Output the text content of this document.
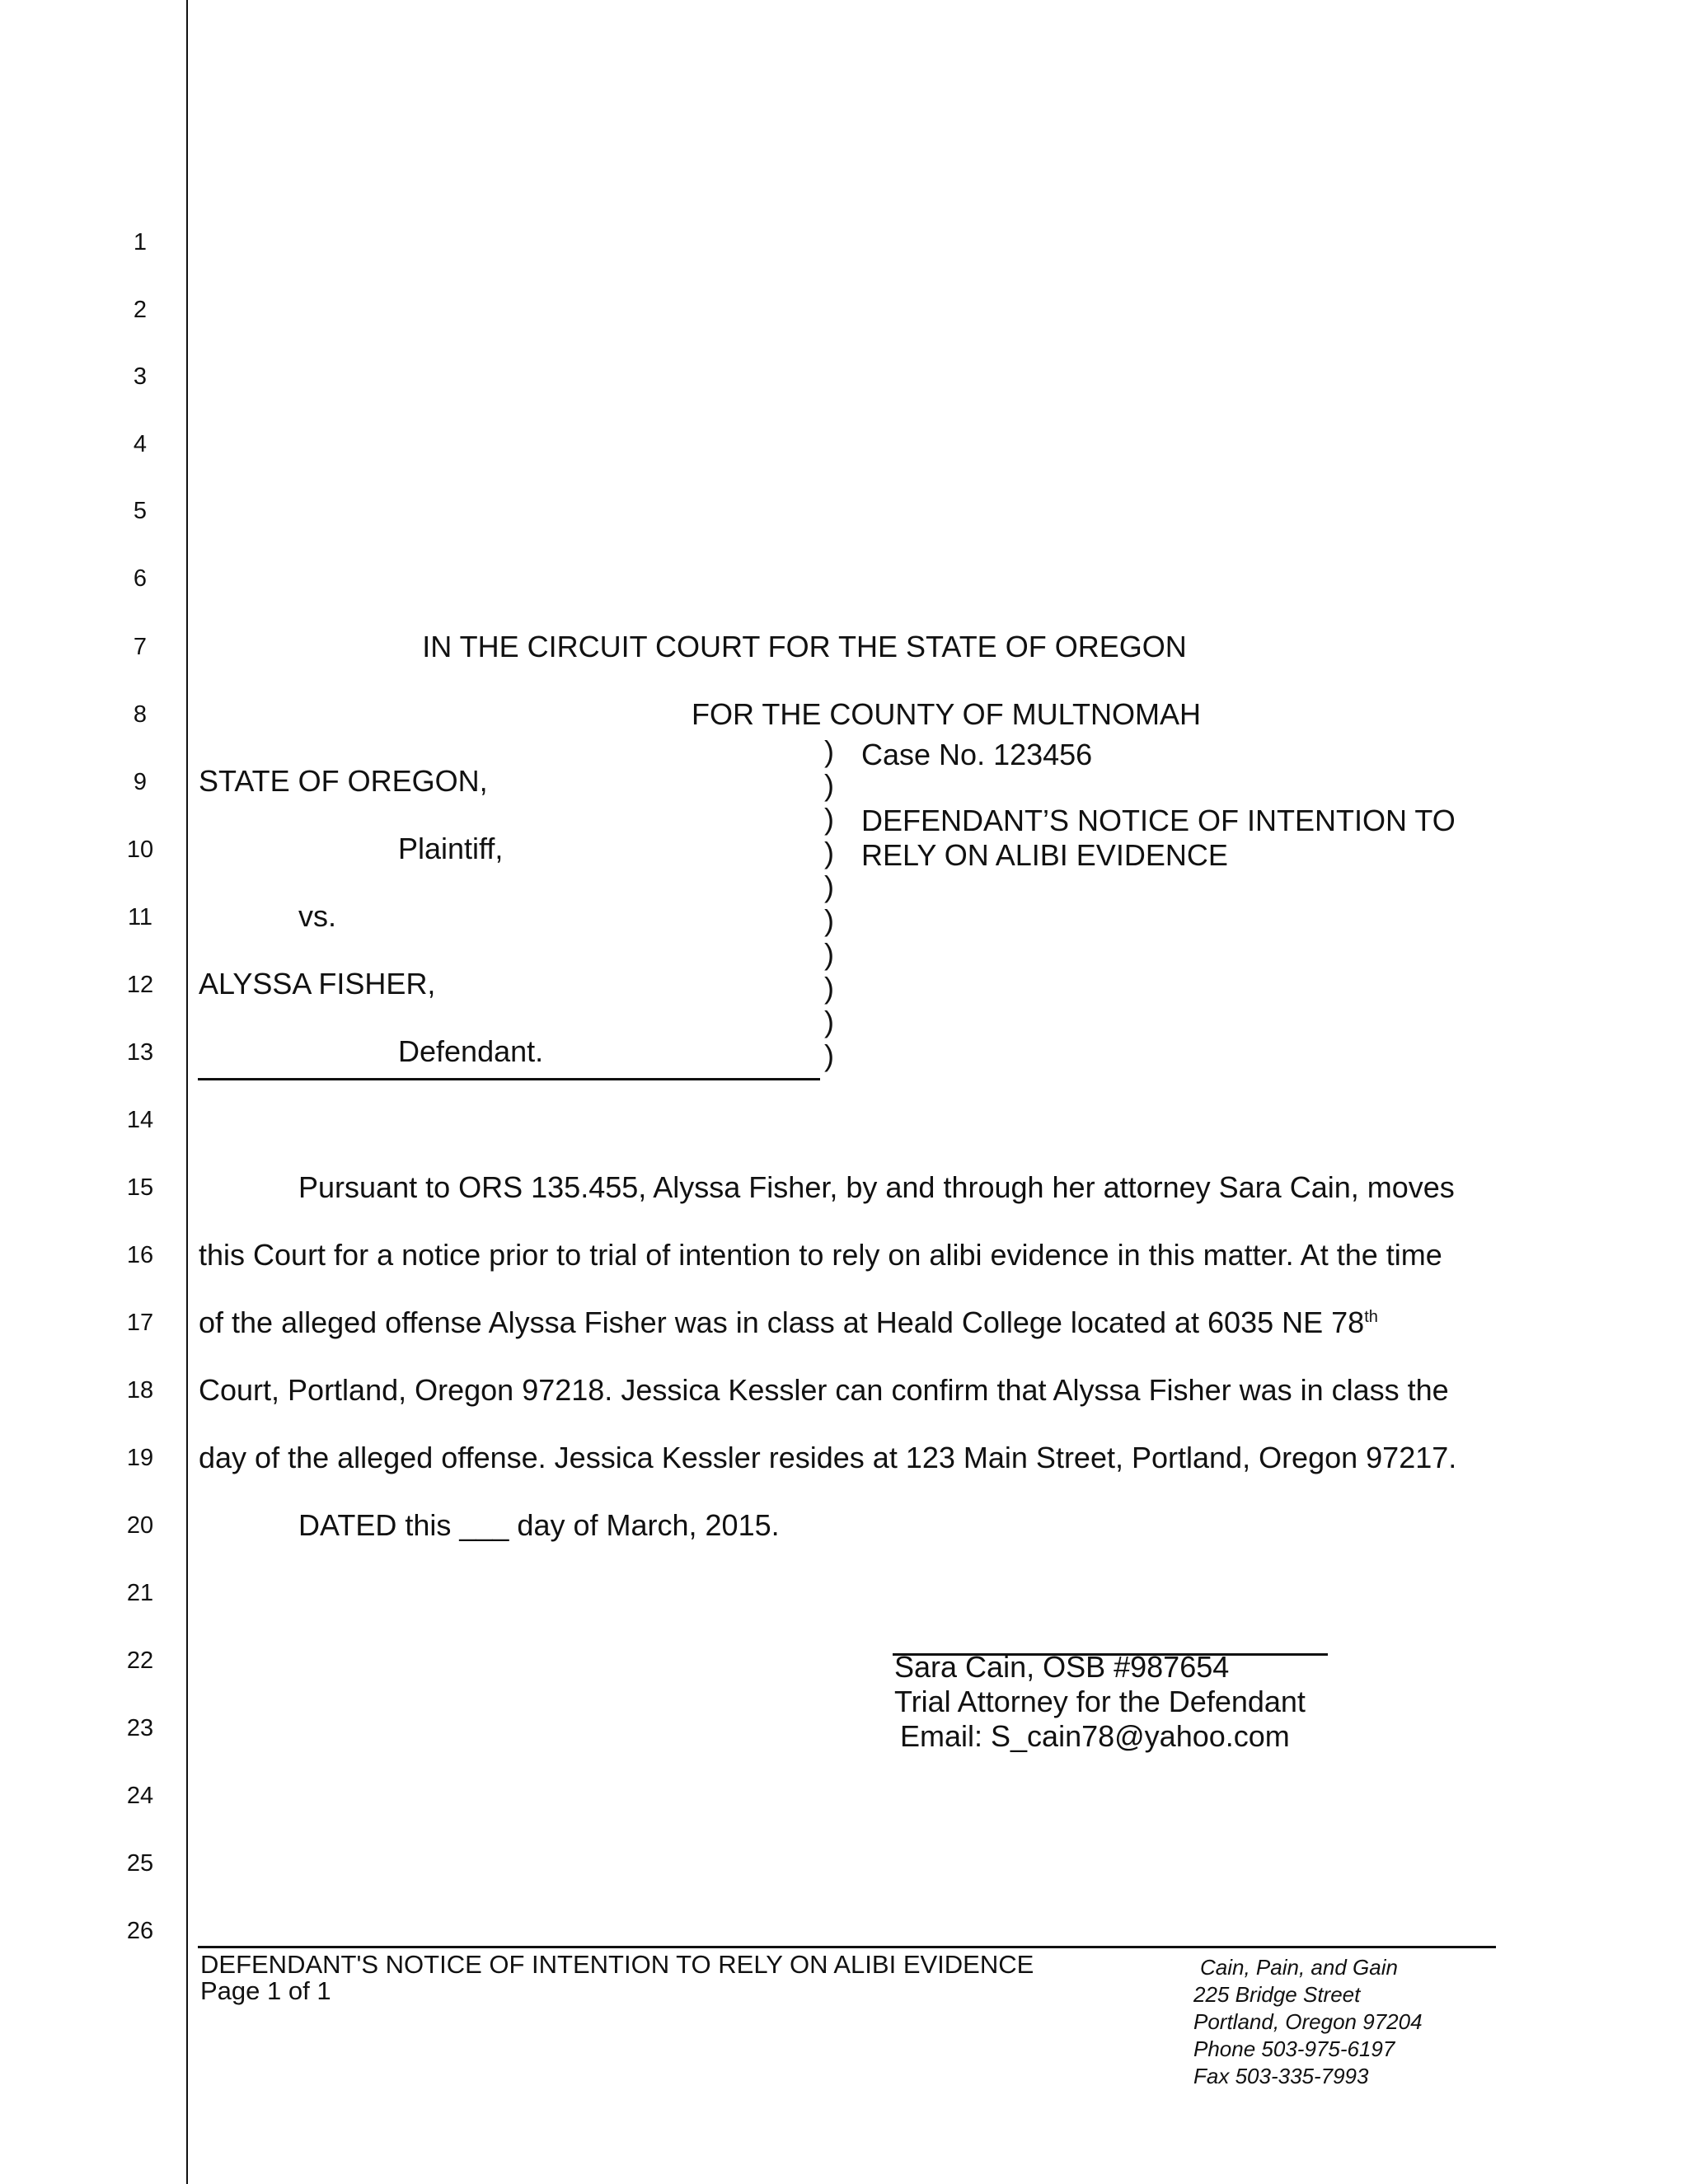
1
2
3
4
5
6
7
8
9
10
11
12
13
14
15
16
17
18
19
20
21
22
23
24
25
26
IN THE CIRCUIT COURT FOR THE STATE OF OREGON
FOR THE COUNTY OF MULTNOMAH
STATE OF OREGON,
Plaintiff,
vs.
ALYSSA FISHER,
Defendant.
)
)
)
)
)
)
)
)
)
)
Case No. 123456
DEFENDANT’S NOTICE OF INTENTION TO
RELY ON ALIBI EVIDENCE
Pursuant to ORS 135.455, Alyssa Fisher, by and through her attorney Sara Cain, moves
this Court for a notice prior to trial of intention to rely on alibi evidence in this matter. At the time
of the alleged offense Alyssa Fisher was in class at Heald College located at 6035 NE 78th
Court, Portland, Oregon 97218. Jessica Kessler can confirm that Alyssa Fisher was in class the
day of the alleged offense. Jessica Kessler resides at 123 Main Street, Portland, Oregon 97217.
DATED this ___ day of March, 2015.
Sara Cain, OSB #987654
Trial Attorney for the Defendant
Email: S_cain78@yahoo.com
DEFENDANT'S NOTICE OF INTENTION TO RELY ON ALIBI EVIDENCE
Page 1 of 1
Cain, Pain, and Gain
225 Bridge Street
Portland, Oregon 97204
Phone 503-975-6197
Fax 503-335-7993
